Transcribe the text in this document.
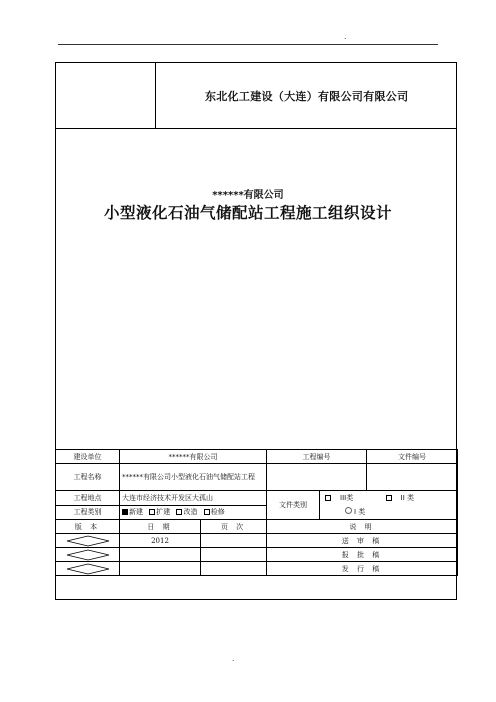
.
东北化工建设（大连）有限公司有限公司
******有限公司
小型液化石油气储配站工程施工组织设计
建设单位	******有限公司		工程编号		文件编号
工程名称	******有限公司小型液化石油气储配站工程				
工程地点	大连市经济技术开发区大孤山		文件类别	III类 II 类
I 类	

工程类别	新建 扩建 改造 检修				
版 本	日 期	页 次	说 明		

	2012		送 审 稿		

			报 批 稿		

			发 行 稿		
.
